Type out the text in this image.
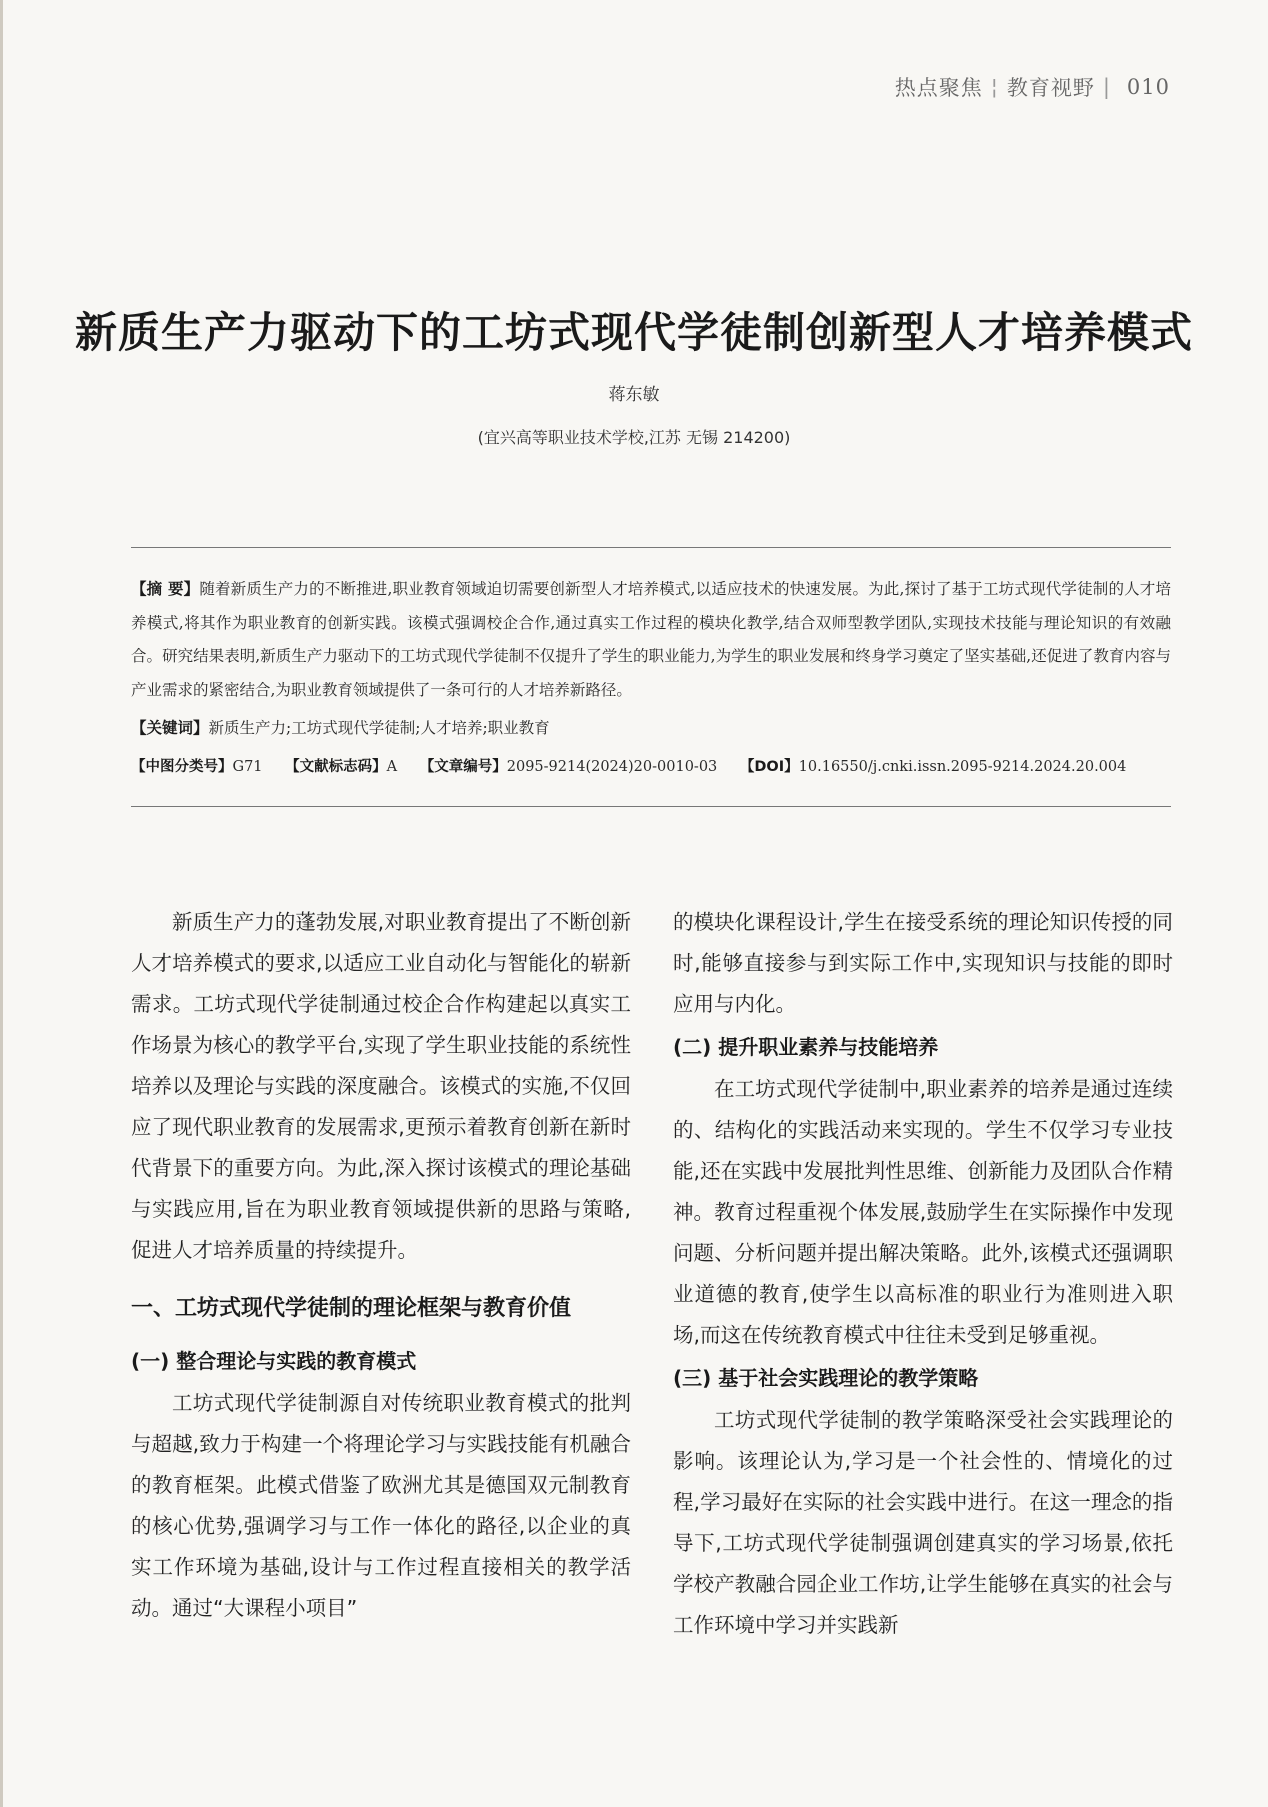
热点聚焦 ¦ 教育视野 | 010
新质生产力驱动下的工坊式现代学徒制创新型人才培养模式
蒋东敏
(宜兴高等职业技术学校,江苏 无锡 214200)
【摘 要】随着新质生产力的不断推进,职业教育领域迫切需要创新型人才培养模式,以适应技术的快速发展。为此,探讨了基于工坊式现代学徒制的人才培养模式,将其作为职业教育的创新实践。该模式强调校企合作,通过真实工作过程的模块化教学,结合双师型教学团队,实现技术技能与理论知识的有效融合。研究结果表明,新质生产力驱动下的工坊式现代学徒制不仅提升了学生的职业能力,为学生的职业发展和终身学习奠定了坚实基础,还促进了教育内容与产业需求的紧密结合,为职业教育领域提供了一条可行的人才培养新路径。
【关键词】新质生产力;工坊式现代学徒制;人才培养;职业教育
【中图分类号】G71 【文献标志码】A 【文章编号】2095-9214(2024)20-0010-03 【DOI】10.16550/j.cnki.issn.2095-9214.2024.20.004

新质生产力的蓬勃发展,对职业教育提出了不断创新人才培养模式的要求,以适应工业自动化与智能化的崭新需求。工坊式现代学徒制通过校企合作构建起以真实工作场景为核心的教学平台,实现了学生职业技能的系统性培养以及理论与实践的深度融合。该模式的实施,不仅回应了现代职业教育的发展需求,更预示着教育创新在新时代背景下的重要方向。为此,深入探讨该模式的理论基础与实践应用,旨在为职业教育领域提供新的思路与策略,促进人才培养质量的持续提升。

一、工坊式现代学徒制的理论框架与教育价值
(一) 整合理论与实践的教育模式

工坊式现代学徒制源自对传统职业教育模式的批判与超越,致力于构建一个将理论学习与实践技能有机融合的教育框架。此模式借鉴了欧洲尤其是德国双元制教育的核心优势,强调学习与工作一体化的路径,以企业的真实工作环境为基础,设计与工作过程直接相关的教学活动。通过“大课程小项目”

的模块化课程设计,学生在接受系统的理论知识传授的同时,能够直接参与到实际工作中,实现知识与技能的即时应用与内化。

(二) 提升职业素养与技能培养

在工坊式现代学徒制中,职业素养的培养是通过连续的、结构化的实践活动来实现的。学生不仅学习专业技能,还在实践中发展批判性思维、创新能力及团队合作精神。教育过程重视个体发展,鼓励学生在实际操作中发现问题、分析问题并提出解决策略。此外,该模式还强调职业道德的教育,使学生以高标准的职业行为准则进入职场,而这在传统教育模式中往往未受到足够重视。

(三) 基于社会实践理论的教学策略

工坊式现代学徒制的教学策略深受社会实践理论的影响。该理论认为,学习是一个社会性的、情境化的过程,学习最好在实际的社会实践中进行。在这一理念的指导下,工坊式现代学徒制强调创建真实的学习场景,依托学校产教融合园企业工作坊,让学生能够在真实的社会与工作环境中学习并实践新
